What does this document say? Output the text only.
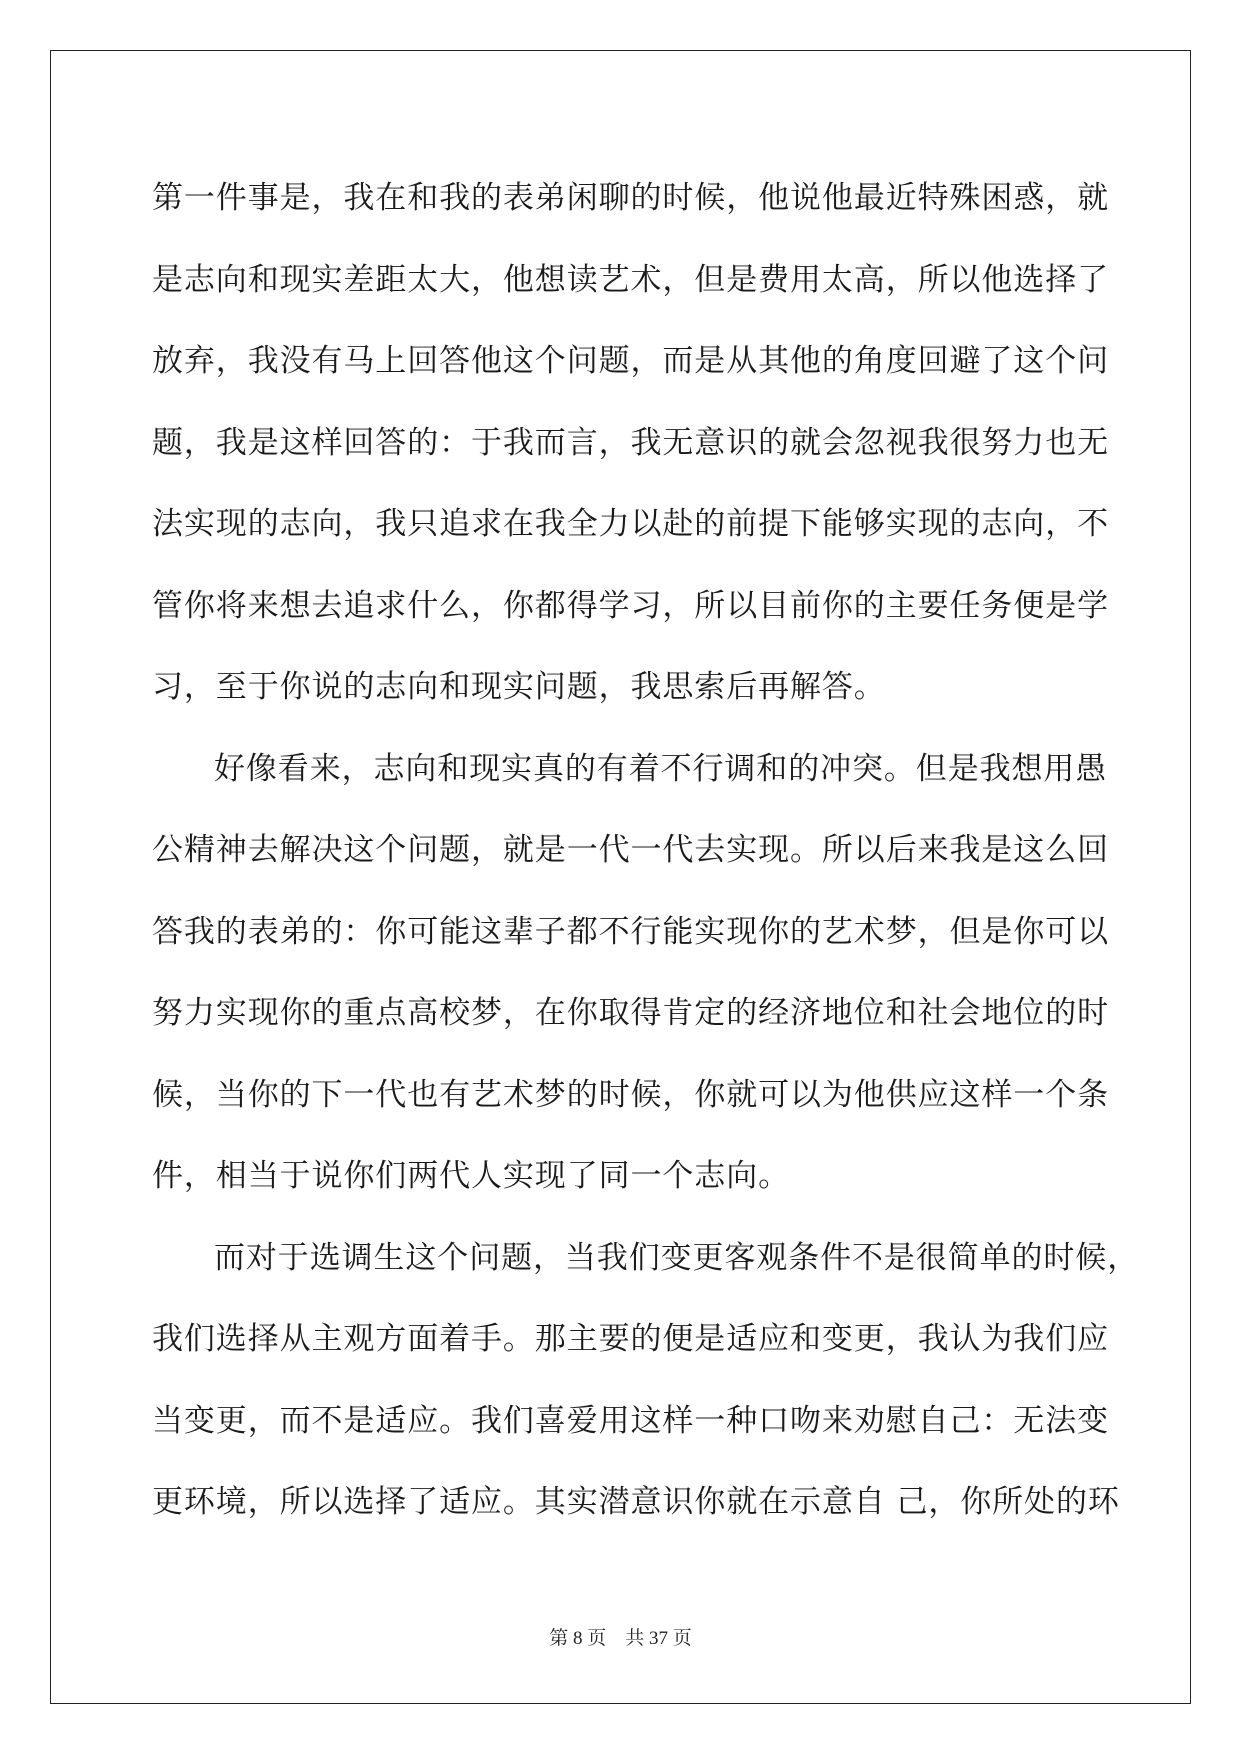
第一件事是，我在和我的表弟闲聊的时候，他说他最近特殊困惑，就
是志向和现实差距太大，他想读艺术，但是费用太高，所以他选择了
放弃，我没有马上回答他这个问题，而是从其他的角度回避了这个问
题，我是这样回答的：于我而言，我无意识的就会忽视我很努力也无
法实现的志向，我只追求在我全力以赴的前提下能够实现的志向，不
管你将来想去追求什么，你都得学习，所以目前你的主要任务便是学
习，至于你说的志向和现实问题，我思索后再解答。

好像看来，志向和现实真的有着不行调和的冲突。但是我想用愚
公精神去解决这个问题，就是一代一代去实现。所以后来我是这么回
答我的表弟的：你可能这辈子都不行能实现你的艺术梦，但是你可以
努力实现你的重点高校梦，在你取得肯定的经济地位和社会地位的时
候，当你的下一代也有艺术梦的时候，你就可以为他供应这样一个条
件，相当于说你们两代人实现了同一个志向。

而对于选调生这个问题，当我们变更客观条件不是很简单的时候，
我们选择从主观方面着手。那主要的便是适应和变更，我认为我们应
当变更，而不是适应。我们喜爱用这样一种口吻来劝慰自己：无法变
更环境，所以选择了适应。其实潜意识你就在示意自 己，你所处的环

第 8 页　共 37 页
